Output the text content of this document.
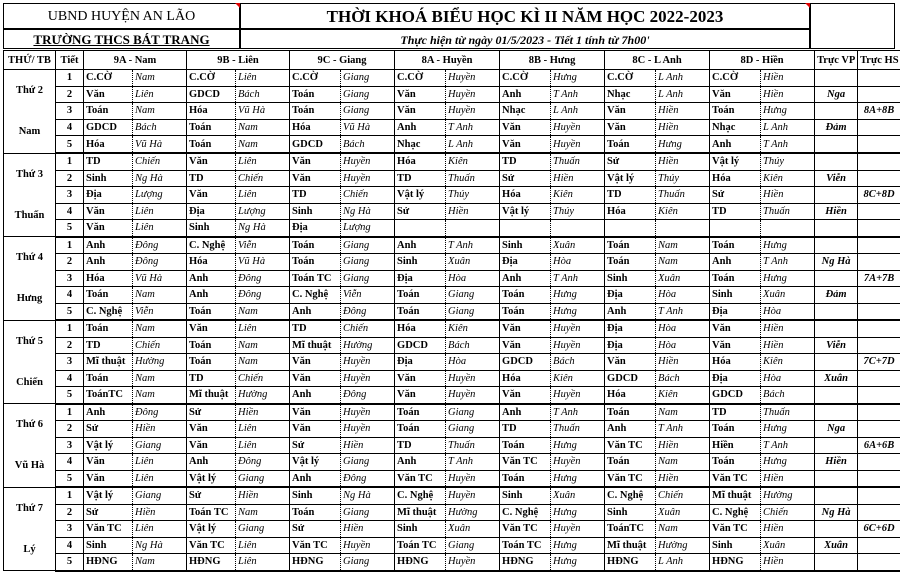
UBND HUYỆN AN LÃO
TRƯỜNG THCS BÁT TRANG
THỜI KHOÁ BIỂU HỌC KÌ II NĂM HỌC 2022-2023
Thực hiện từ ngày 01/5/2023 - Tiết 1 tính từ 7h00'
THỨ/ TB	Tiết	9A - Nam		9B - Liên		9C - Giang		8A - Huyền		8B - Hưng		8C - L Anh		8D - Hiền		Trực VP	Trực HS

Thứ 2
Nam	1	C.CỜ	Nam	C.CỜ	Liên	C.CỜ	Giang	C.CỜ	Huyền	C.CỜ	Hưng	C.CỜ	L Anh	C.CỜ	Hiền		
	2	Văn	Liên	GDCD	Bách	Toán	Giang	Văn	Huyền	Anh	T Anh	Nhạc	L Anh	Văn	Hiền	Nga	
	3	Toán	Nam	Hóa	Vũ Hà	Toán	Giang	Văn	Huyền	Nhạc	L Anh	Văn	Hiền	Toán	Hưng		8A+8B
	4	GDCD	Bách	Toán	Nam	Hóa	Vũ Hà	Anh	T Anh	Văn	Huyền	Văn	Hiền	Nhạc	L Anh	Đảm	
	5	Hóa	Vũ Hà	Toán	Nam	GDCD	Bách	Nhạc	L Anh	Văn	Huyền	Toán	Hưng	Anh	T Anh		

Thứ 3
Thuấn	1	TD	Chiến	Văn	Liên	Văn	Huyền	Hóa	Kiên	TD	Thuấn	Sử	Hiền	Vật lý	Thúy		
	2	Sinh	Ng Hà	TD	Chiến	Văn	Huyền	TD	Thuấn	Sử	Hiền	Vật lý	Thúy	Hóa	Kiên	Viễn	
	3	Địa	Lượng	Văn	Liên	TD	Chiến	Vật lý	Thúy	Hóa	Kiên	TD	Thuấn	Sử	Hiền		8C+8D
	4	Văn	Liên	Địa	Lượng	Sinh	Ng Hà	Sử	Hiền	Vật lý	Thúy	Hóa	Kiên	TD	Thuấn	Hiền	
	5	Văn	Liên	Sinh	Ng Hà	Địa	Lượng										

Thứ 4
Hưng	1	Anh	Đông	C. Nghệ	Viễn	Toán	Giang	Anh	T Anh	Sinh	Xuân	Toán	Nam	Toán	Hưng		
	2	Anh	Đông	Hóa	Vũ Hà	Toán	Giang	Sinh	Xuân	Địa	Hòa	Toán	Nam	Anh	T Anh	Ng Hà	
	3	Hóa	Vũ Hà	Anh	Đông	Toán TC	Giang	Địa	Hòa	Anh	T Anh	Sinh	Xuân	Toán	Hưng		7A+7B
	4	Toán	Nam	Anh	Đông	C. Nghệ	Viễn	Toán	Giang	Toán	Hưng	Địa	Hòa	Sinh	Xuân	Đảm	
	5	C. Nghệ	Viễn	Toán	Nam	Anh	Đông	Toán	Giang	Toán	Hưng	Anh	T Anh	Địa	Hòa		

Thứ 5
Chiến	1	Toán	Nam	Văn	Liên	TD	Chiến	Hóa	Kiên	Văn	Huyền	Địa	Hòa	Văn	Hiền		
	2	TD	Chiến	Toán	Nam	Mĩ thuật	Hường	GDCD	Bách	Văn	Huyền	Địa	Hòa	Văn	Hiền	Viễn	
	3	Mĩ thuật	Hường	Toán	Nam	Văn	Huyền	Địa	Hòa	GDCD	Bách	Văn	Hiền	Hóa	Kiên		7C+7D
	4	Toán	Nam	TD	Chiến	Văn	Huyền	Văn	Huyền	Hóa	Kiên	GDCD	Bách	Địa	Hòa	Xuân	
	5	ToánTC	Nam	Mĩ thuật	Hường	Anh	Đông	Văn	Huyền	Văn	Huyền	Hóa	Kiên	GDCD	Bách		

Thứ 6
Vũ Hà	1	Anh	Đông	Sử	Hiền	Văn	Huyền	Toán	Giang	Anh	T Anh	Toán	Nam	TD	Thuấn		
	2	Sử	Hiền	Văn	Liên	Văn	Huyền	Toán	Giang	TD	Thuấn	Anh	T Anh	Toán	Hưng	Nga	
	3	Vật lý	Giang	Văn	Liên	Sử	Hiền	TD	Thuấn	Toán	Hưng	Văn TC	Hiền	Hiền	T Anh		6A+6B
	4	Văn	Liên	Anh	Đông	Vật lý	Giang	Anh	T Anh	Văn TC	Huyền	Toán	Nam	Toán	Hưng	Hiền	
	5	Văn	Liên	Vật lý	Giang	Anh	Đông	Văn TC	Huyền	Toán	Hưng	Văn TC	Hiền	Văn TC	Hiền		

Thứ 7
Lý	1	Vật lý	Giang	Sử	Hiền	Sinh	Ng Hà	C. Nghệ	Huyền	Sinh	Xuân	C. Nghệ	Chiến	Mĩ thuật	Hường		
	2	Sử	Hiền	Toán TC	Nam	Toán	Giang	Mĩ thuật	Hường	C. Nghệ	Hưng	Sinh	Xuân	C. Nghệ	Chiến	Ng Hà	
	3	Văn TC	Liên	Vật lý	Giang	Sử	Hiền	Sinh	Xuân	Văn TC	Huyền	ToánTC	Nam	Văn TC	Hiền		6C+6D
	4	Sinh	Ng Hà	Văn TC	Liên	Văn TC	Huyền	Toán TC	Giang	Toán TC	Hưng	Mĩ thuật	Hường	Sinh	Xuân	Xuân	
	5	HĐNG	Nam	HĐNG	Liên	HĐNG	Giang	HĐNG	Huyền	HĐNG	Hưng	HĐNG	L Anh	HĐNG	Hiền		
